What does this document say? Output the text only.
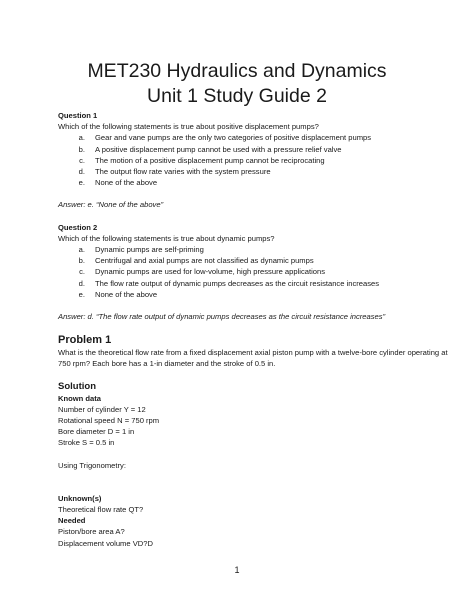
MET230 Hydraulics and Dynamics
Unit 1 Study Guide 2
Question 1
Which of the following statements is true about positive displacement pumps?
a.	Gear and vane pumps are the only two categories of positive displacement pumps
b.	A positive displacement pump cannot be used with a pressure relief valve
c.	The motion of a positive displacement pump cannot be reciprocating
d.	The output flow rate varies with the system pressure
e.	None of the above
Answer: e. “None of the above”
Question 2
Which of the following statements is true about dynamic pumps?
a.	Dynamic pumps are self-priming
b.	Centrifugal and axial pumps are not classified as dynamic pumps
c.	Dynamic pumps are used for low-volume, high pressure applications
d.	The flow rate output of dynamic pumps decreases as the circuit resistance increases
e.	None of the above
Answer: d. “The flow rate output of dynamic pumps decreases as the circuit resistance increases”
Problem 1
What is the theoretical flow rate from a fixed displacement axial piston pump with a twelve-bore cylinder operating at 750 rpm? Each bore has a 1-in diameter and the stroke of 0.5 in.
Solution
Known data
Number of cylinder Y = 12
Rotational speed N = 750 rpm
Bore diameter D = 1 in
Stroke S = 0.5 in
Using Trigonometry:
Unknown(s)
Theoretical flow rate QT?
Needed
Piston/bore area A?
Displacement volume VD?D
1
